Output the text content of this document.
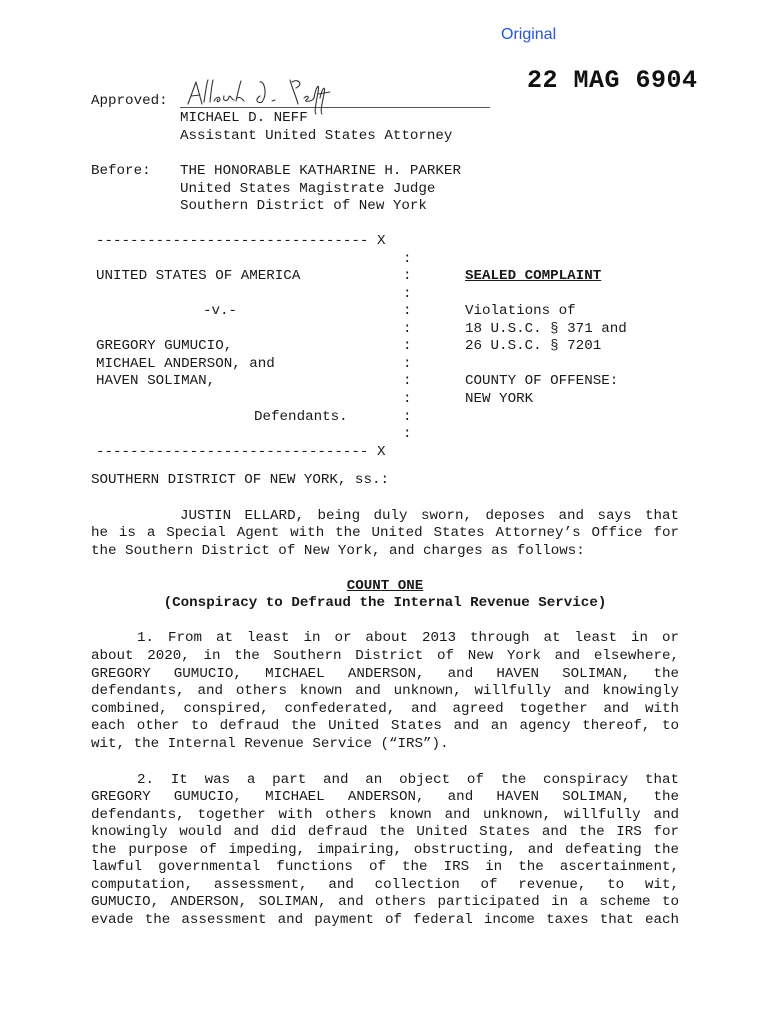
Original
22 MAG 6904
Approved:
MICHAEL D. NEFF
Assistant United States Attorney
Before: THE HONORABLE KATHARINE H. PARKER
United States Magistrate Judge
Southern District of New York
-------------------------------- X
:
UNITED STATES OF AMERICA	:	SEALED COMPLAINT
:
-v.-	:	Violations of
:	18 U.S.C. § 371 and
GREGORY GUMUCIO,	:	26 U.S.C. § 7201
MICHAEL ANDERSON, and	:
HAVEN SOLIMAN,	:	COUNTY OF OFFENSE:
:	NEW YORK
Defendants.	:
:
-------------------------------- X
SOUTHERN DISTRICT OF NEW YORK, ss.:
JUSTIN ELLARD, being duly sworn, deposes and says that
he is a Special Agent with the United States Attorney’s Office for
the Southern District of New York, and charges as follows:
COUNT ONE
(Conspiracy to Defraud the Internal Revenue Service)
1. From at least in or about 2013 through at least in or
about 2020, in the Southern District of New York and elsewhere,
GREGORY GUMUCIO, MICHAEL ANDERSON, and HAVEN SOLIMAN, the
defendants, and others known and unknown, willfully and knowingly
combined, conspired, confederated, and agreed together and with
each other to defraud the United States and an agency thereof, to
wit, the Internal Revenue Service (“IRS”).
2. It was a part and an object of the conspiracy that
GREGORY GUMUCIO, MICHAEL ANDERSON, and HAVEN SOLIMAN, the
defendants, together with others known and unknown, willfully and
knowingly would and did defraud the United States and the IRS for
the purpose of impeding, impairing, obstructing, and defeating the
lawful governmental functions of the IRS in the ascertainment,
computation, assessment, and collection of revenue, to wit,
GUMUCIO, ANDERSON, SOLIMAN, and others participated in a scheme to
evade the assessment and payment of federal income taxes that each
